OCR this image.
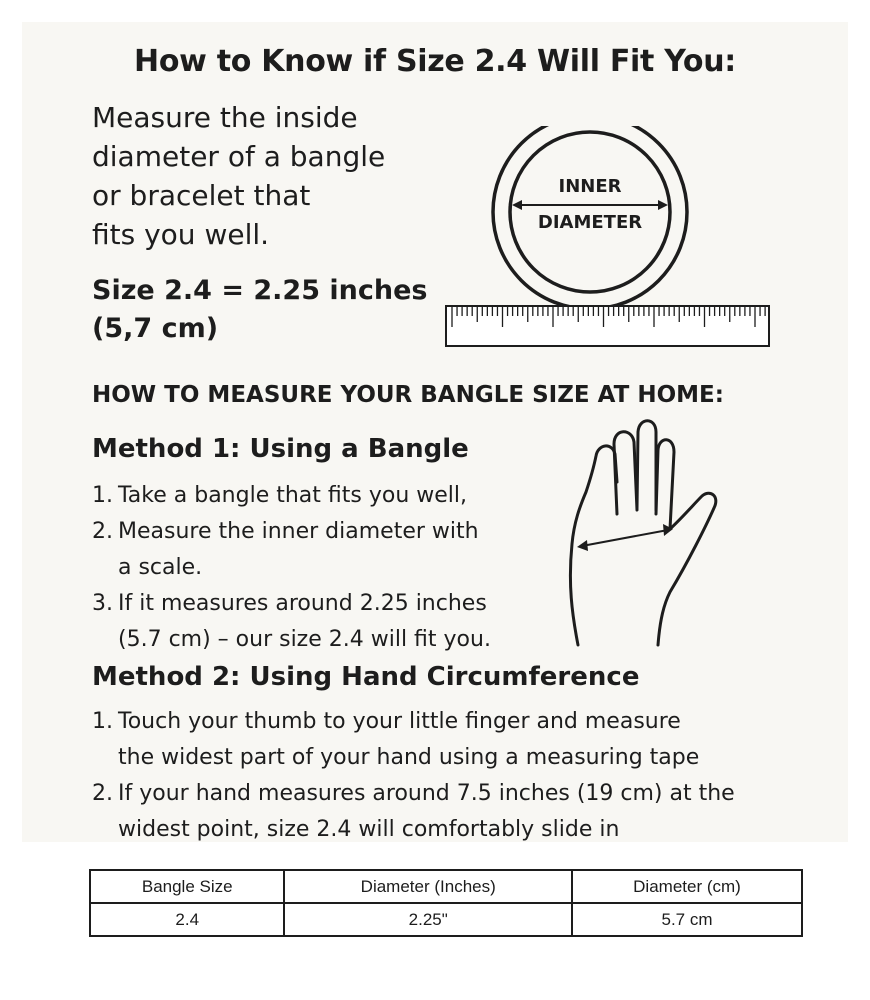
How to Know if Size 2.4 Will Fit You:
Measure the inside
diameter of a bangle
or bracelet that
fits you well.
Size 2.4 = 2.25 inches
(5,7 cm)
INNER
DIAMETER
HOW TO MEASURE YOUR BANGLE SIZE AT HOME:
Method 1: Using a Bangle
1. Take a bangle that fits you well,
2. Measure the inner diameter with
a scale.
3. If it measures around 2.25 inches
(5.7 cm) – our size 2.4 will fit you.
Method 2: Using Hand Circumference
1. Touch your thumb to your little finger and measure
the widest part of your hand using a measuring tape
2. If your hand measures around 7.5 inches (19 cm) at the
widest point, size 2.4 will comfortably slide in
Bangle Size	Diameter (Inches)	Diameter (cm)
2.4	2.25"	5.7 cm
